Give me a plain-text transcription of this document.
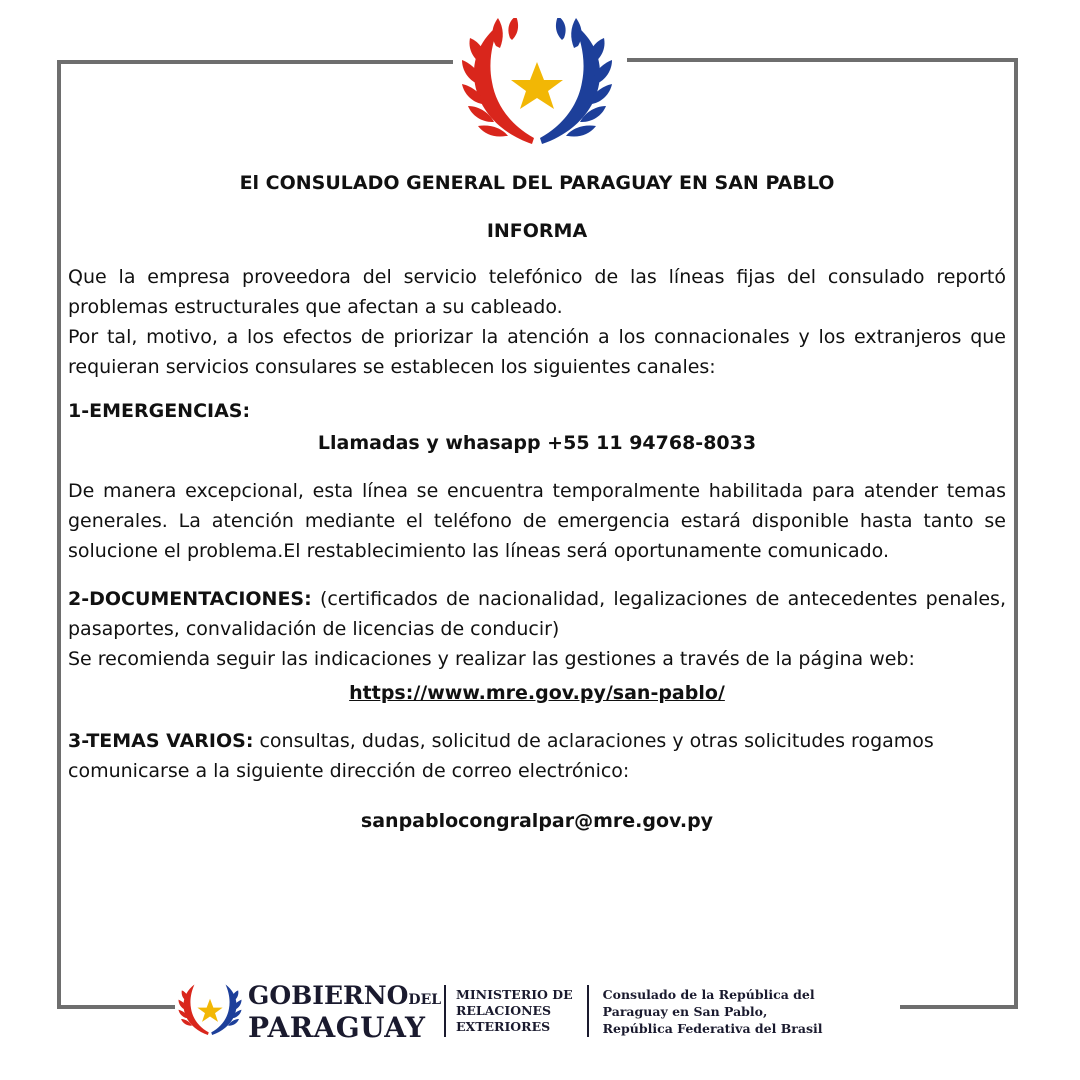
El CONSULADO GENERAL DEL PARAGUAY EN SAN PABLO

INFORMA

Que la empresa proveedora del servicio telefónico de las líneas fijas del consulado reportó problemas estructurales que afectan a su cableado.

Por tal, motivo, a los efectos de priorizar la atención a los connacionales y los extranjeros que requieran servicios consulares se establecen los siguientes canales:

1-EMERGENCIAS:

Llamadas y whasapp +55 11 94768-8033

De manera excepcional, esta línea se encuentra temporalmente habilitada para atender temas generales. La atención mediante el teléfono de emergencia estará disponible hasta tanto se solucione el problema.El restablecimiento las líneas será oportunamente comunicado.

2-DOCUMENTACIONES: (certificados de nacionalidad, legalizaciones de antecedentes penales, pasaportes, convalidación de licencias de conducir)

Se recomienda seguir las indicaciones y realizar las gestiones a través de la página web:

https://www.mre.gov.py/san-pablo/

3-TEMAS VARIOS: consultas, dudas, solicitud de aclaraciones y otras solicitudes rogamos comunicarse a la siguiente dirección de correo electrónico:

sanpablocongralpar@mre.gov.py

GOBIERNODEL
PARAGUAY
MINISTERIO DE
RELACIONES
EXTERIORES
Consulado de la República del
Paraguay en San Pablo,
República Federativa del Brasil
